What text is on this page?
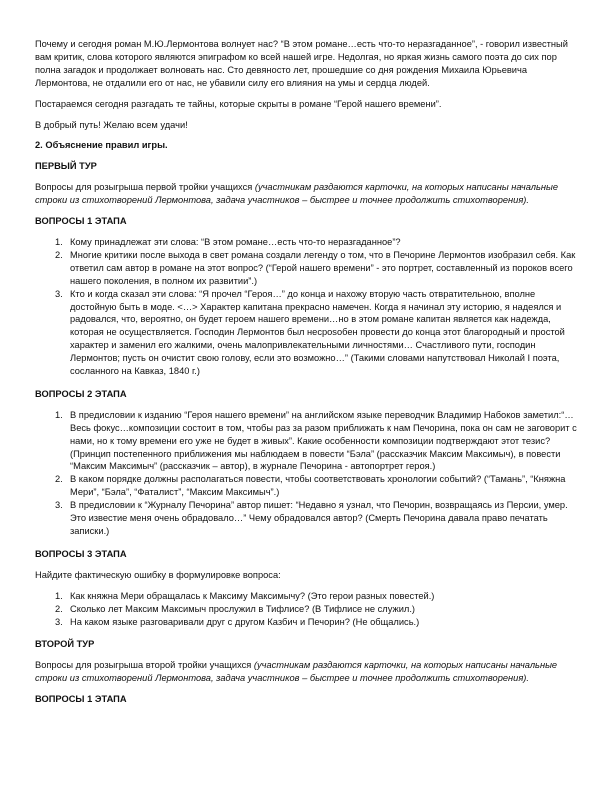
Почему и сегодня роман М.Ю.Лермонтова волнует нас? “В этом романе…есть что-то неразгаданное”, - говорил известный вам критик, слова которого являются эпиграфом ко всей нашей игре. Недолгая, но яркая жизнь самого поэта до сих пор полна загадок и продолжает волновать нас. Сто девяносто лет, прошедшие со дня рождения Михаила Юрьевича Лермонтова, не отдалили его от нас, не убавили силу его влияния на умы и сердца людей.

Постараемся сегодня разгадать те тайны, которые скрыты в романе “Герой нашего времени”.

В добрый путь! Желаю всем удачи!

2. Объяснение правил игры.

ПЕРВЫЙ ТУР

Вопросы для розыгрыша первой тройки учащихся (участникам раздаются карточки, на которых написаны начальные строки из стихотворений Лермонтова, задача участников – быстрее и точнее продолжить стихотворения).

ВОПРОСЫ 1 ЭТАПА

1. Кому принадлежат эти слова: “В этом романе…есть что-то неразгаданное”?
2. Многие критики после выхода в свет романа создали легенду о том, что в Печорине Лермонтов изобразил себя. Как ответил сам автор в романе на этот вопрос? (“Герой нашего времени” - это портрет, составленный из пороков всего нашего поколения, в полном их развитии”.)
3. Кто и когда сказал эти слова: “Я прочел “Героя…” до конца и нахожу вторую часть отвратительною, вполне достойную быть в моде. <…> Характер капитана прекрасно намечен. Когда я начинал эту историю, я надеялся и радовался, что, вероятно, он будет героем нашего времени…но в этом романе капитан является как надежда, которая не осуществляется. Господин Лермонтов был несposoбен провести до конца этот благородный и простой характер и заменил его жалкими, очень малопривлекательными личностями… Счастливого пути, господин Лермонтов; пусть он очистит свою голову, если это возможно…” (Такими словами напутствовал Николай I поэта, сосланного на Кавказ, 1840 г.)

ВОПРОСЫ 2 ЭТАПА

1. В предисловии к изданию “Героя нашего времени” на английском языке переводчик Владимир Набоков заметил:“…Весь фокус…композиции состоит в том, чтобы раз за разом приближать к нам Печорина, пока он сам не заговорит с нами, но к тому времени его уже не будет в живых”. Какие особенности композиции подтверждают этот тезис? (Принцип постепенного приближения мы наблюдаем в повести “Бэла” (рассказчик Максим Максимыч), в повести “Максим Максимыч” (рассказчик – автор), в журнале Печорина - автопортрет героя.)
2. В каком порядке должны располагаться повести, чтобы соответствовать хронологии событий? (“Тамань”, “Княжна Мери”, “Бэла”, “Фаталист”, “Максим Максимыч”.)
3. В предисловии к “Журналу Печорина” автор пишет: “Недавно я узнал, что Печорин, возвращаясь из Персии, умер. Это известие меня очень обрадовало…” Чему обрадовался автор? (Смерть Печорина давала право печатать записки.)

ВОПРОСЫ 3 ЭТАПА

Найдите фактическую ошибку в формулировке вопроса:

1. Как княжна Мери обращалась к Максиму Максимычу? (Это герои разных повестей.)
2. Сколько лет Максим Максимыч прослужил в Тифлисе? (В Тифлисе не служил.)
3. На каком языке разговаривали друг с другом Казбич и Печорин? (Не общались.)

ВТОРОЙ ТУР

Вопросы для розыгрыша второй тройки учащихся (участникам раздаются карточки, на которых написаны начальные строки из стихотворений Лермонтова, задача участников – быстрее и точнее продолжить стихотворения).

ВОПРОСЫ 1 ЭТАПА
